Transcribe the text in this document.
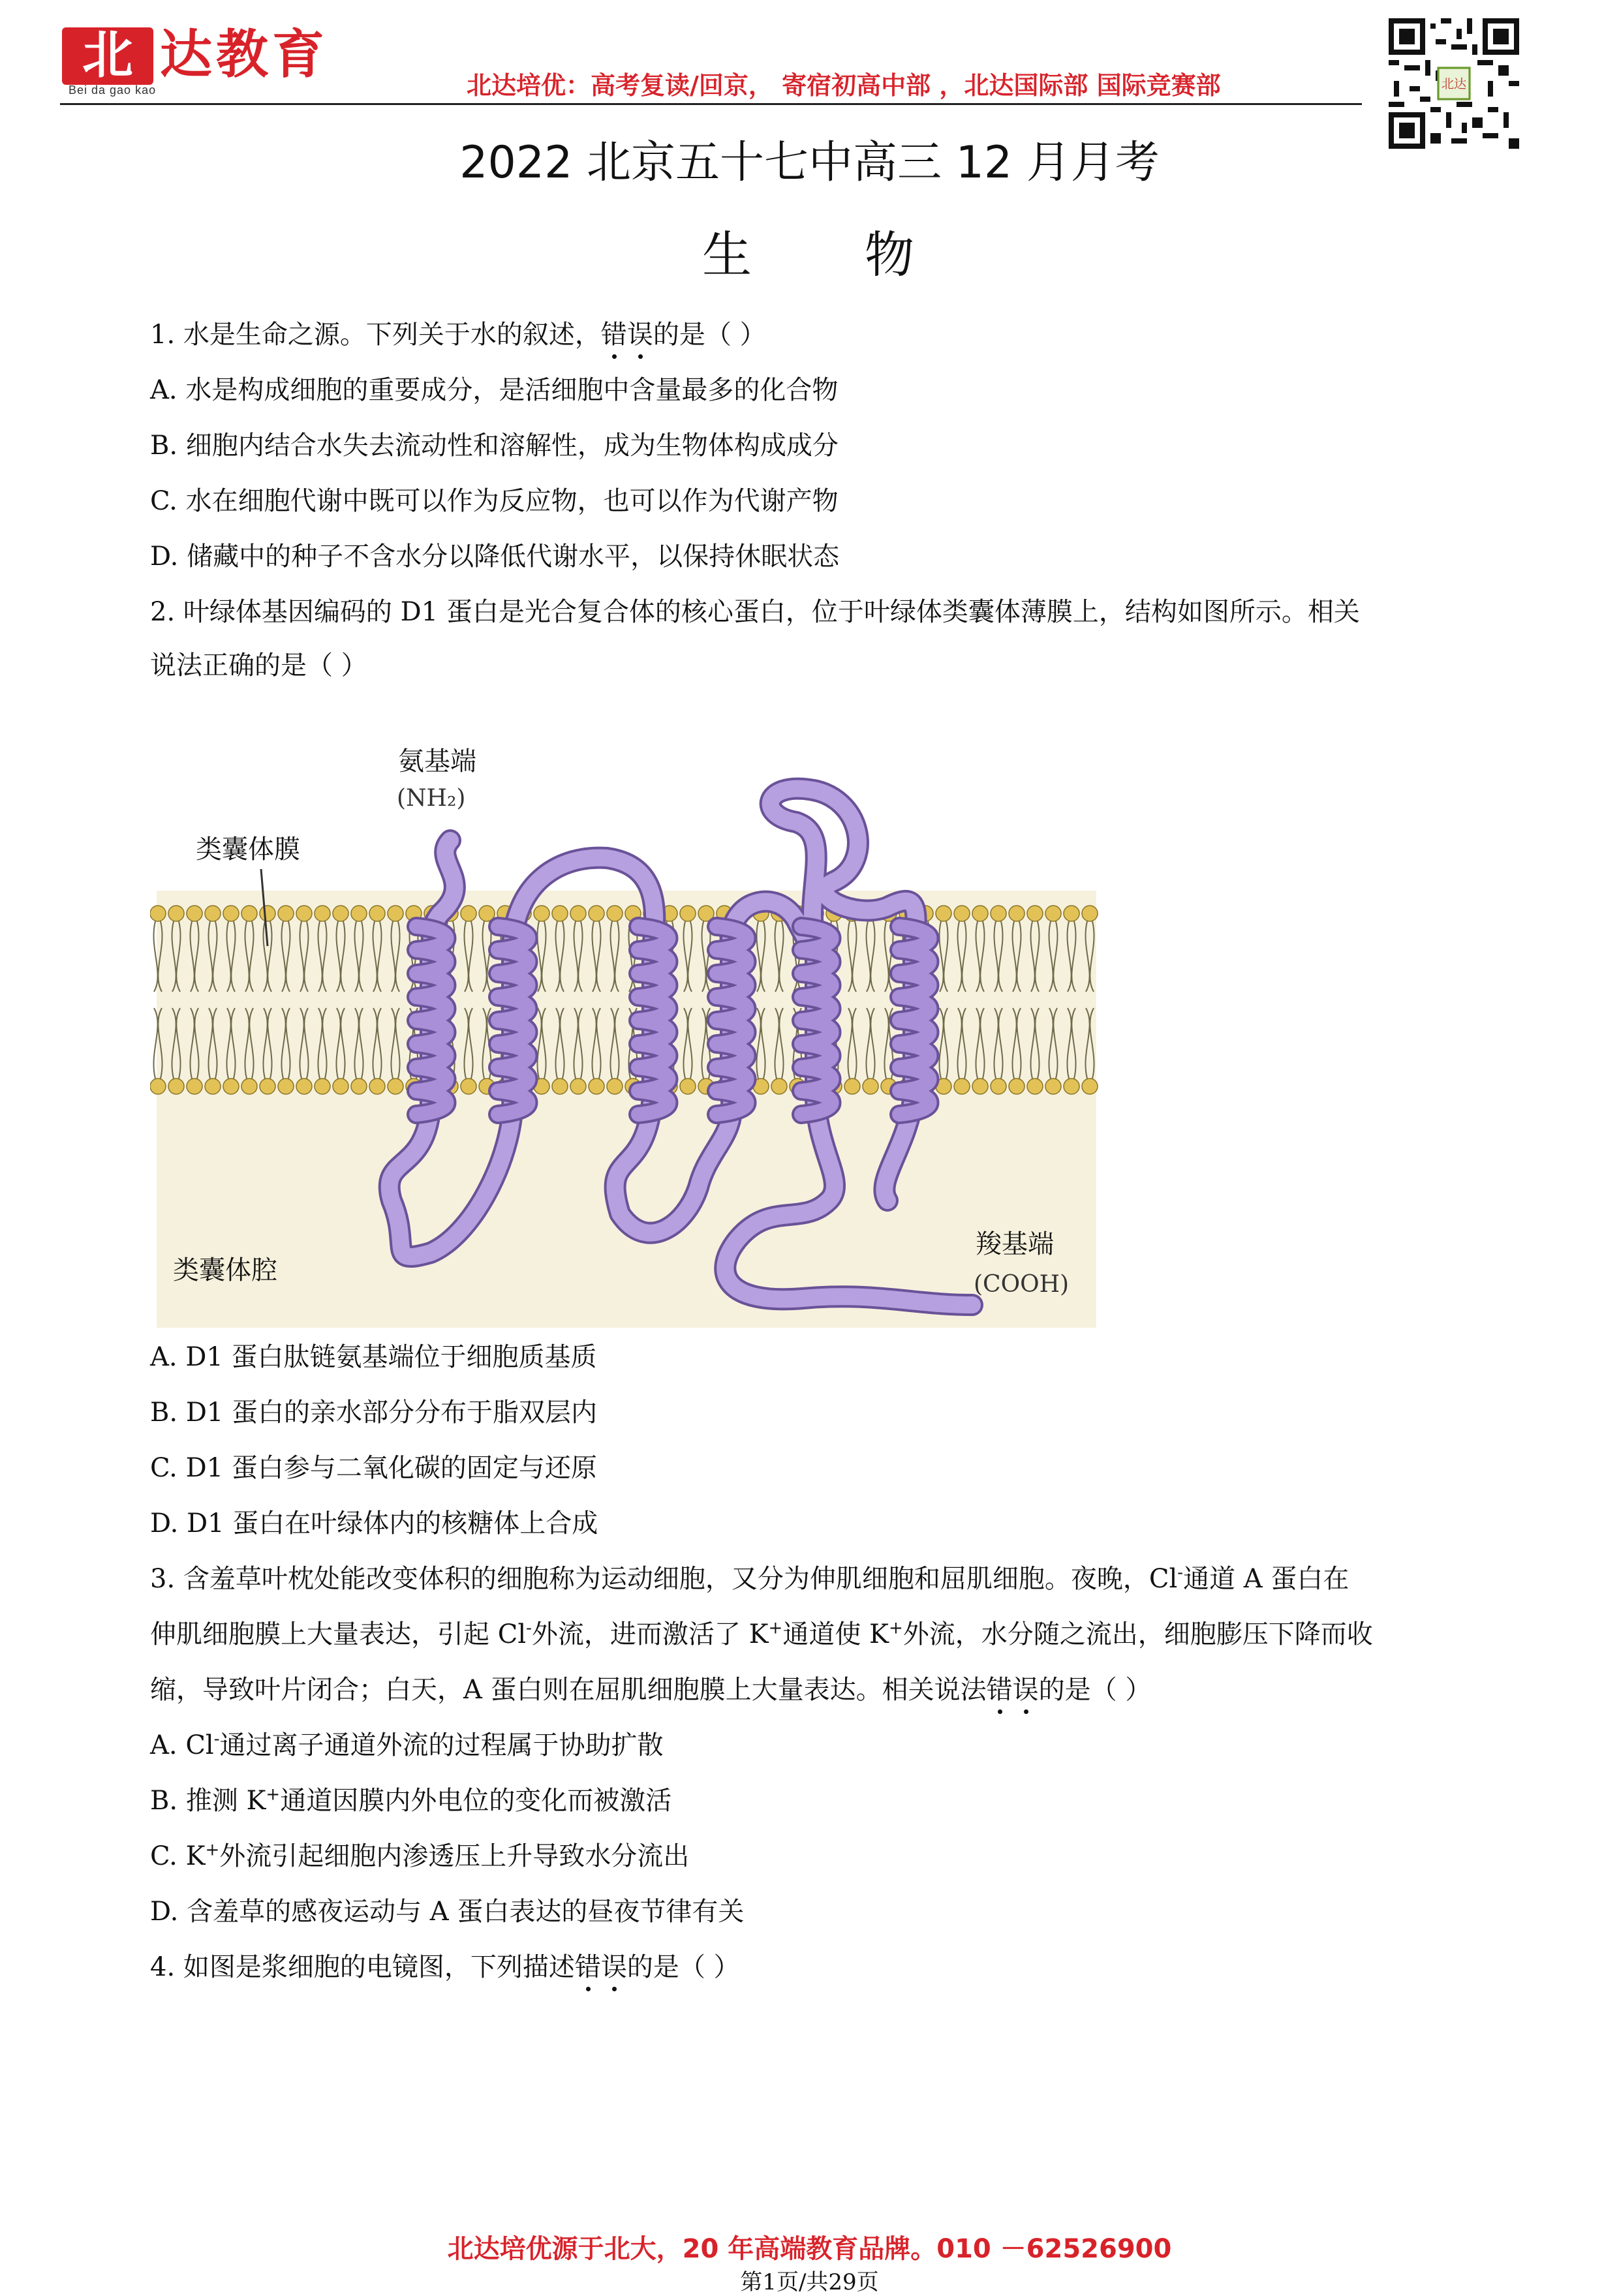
北 达教育
Bei da gao kao	北达培优：高考复读/回京， 寄宿初高中部 ，北达国际部 国际竞赛部	北达
2022 北京五十七中高三 12 月月考
生      物
1. 水是生命之源。下列关于水的叙述，错误的是（ ）
A. 水是构成细胞的重要成分，是活细胞中含量最多的化合物
B. 细胞内结合水失去流动性和溶解性，成为生物体构成成分
C. 水在细胞代谢中既可以作为反应物，也可以作为代谢产物
D. 储藏中的种子不含水分以降低代谢水平，以保持休眠状态
2. 叶绿体基因编码的 D1 蛋白是光合复合体的核心蛋白，位于叶绿体类囊体薄膜上，结构如图所示。相关
说法正确的是（ ）
氨基端
(NH₂)
类囊体膜
类囊体腔
羧基端
(COOH)
A. D1 蛋白肽链氨基端位于细胞质基质
B. D1 蛋白的亲水部分分布于脂双层内
C. D1 蛋白参与二氧化碳的固定与还原
D. D1 蛋白在叶绿体内的核糖体上合成
3. 含羞草叶枕处能改变体积的细胞称为运动细胞，又分为伸肌细胞和屈肌细胞。夜晚，Cl-通道 A 蛋白在
伸肌细胞膜上大量表达，引起 Cl-外流，进而激活了 K+通道使 K+外流，水分随之流出，细胞膨压下降而收
缩，导致叶片闭合；白天，A 蛋白则在屈肌细胞膜上大量表达。相关说法错误的是（ ）
A. Cl-通过离子通道外流的过程属于协助扩散
B. 推测 K+通道因膜内外电位的变化而被激活
C. K+外流引起细胞内渗透压上升导致水分流出
D. 含羞草的感夜运动与 A 蛋白表达的昼夜节律有关
4. 如图是浆细胞的电镜图，下列描述错误的是（ ）
北达培优源于北大，20 年高端教育品牌。010 －62526900
第1页/共29页
